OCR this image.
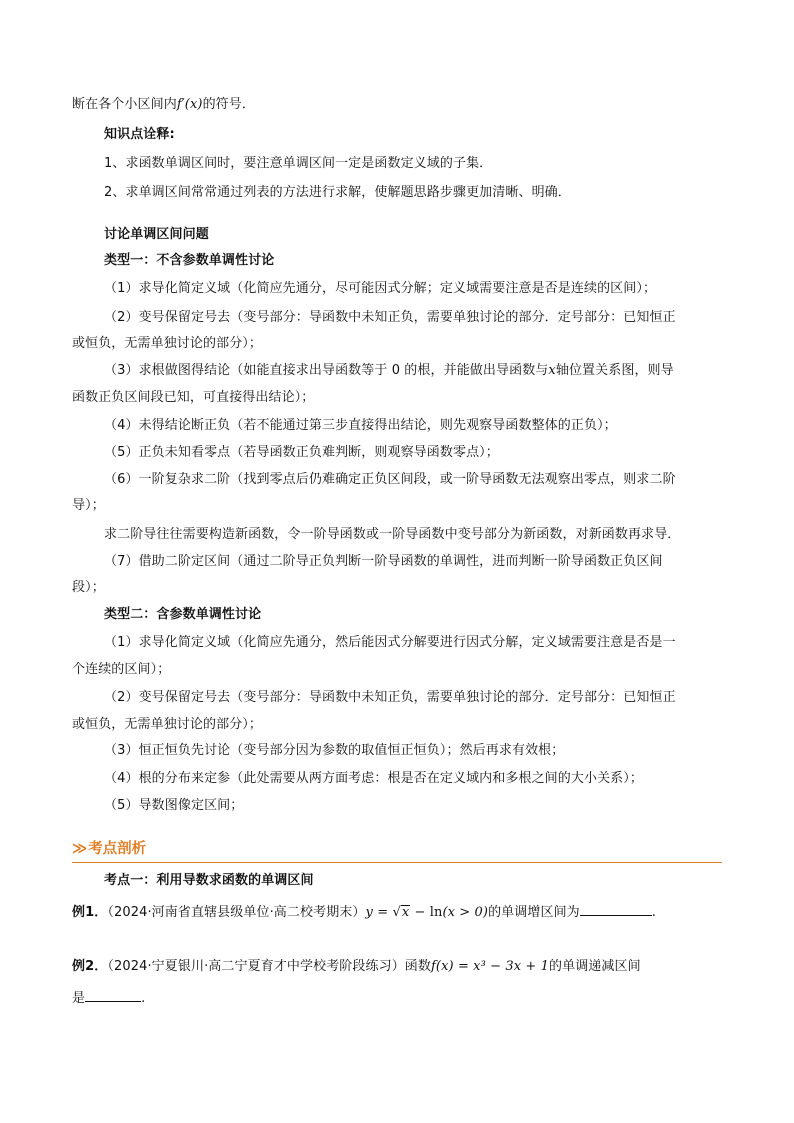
断在各个小区间内f′(x)的符号．
知识点诠释:
1、求函数单调区间时，要注意单调区间一定是函数定义域的子集．
2、求单调区间常常通过列表的方法进行求解，使解题思路步骤更加清晰、明确．
讨论单调区间问题
类型一：不含参数单调性讨论
（1）求导化简定义域（化简应先通分，尽可能因式分解；定义域需要注意是否是连续的区间）；
（2）变号保留定号去（变号部分：导函数中未知正负，需要单独讨论的部分．定号部分：已知恒正
或恒负，无需单独讨论的部分）；
（3）求根做图得结论（如能直接求出导函数等于 0 的根，并能做出导函数与x轴位置关系图，则导
函数正负区间段已知，可直接得出结论）；
（4）未得结论断正负（若不能通过第三步直接得出结论，则先观察导函数整体的正负）；
（5）正负未知看零点（若导函数正负难判断，则观察导函数零点）；
（6）一阶复杂求二阶（找到零点后仍难确定正负区间段，或一阶导函数无法观察出零点，则求二阶
导）；
求二阶导往往需要构造新函数，令一阶导函数或一阶导函数中变号部分为新函数，对新函数再求导．
（7）借助二阶定区间（通过二阶导正负判断一阶导函数的单调性，进而判断一阶导函数正负区间
段）；
类型二：含参数单调性讨论
（1）求导化简定义域（化简应先通分，然后能因式分解要进行因式分解，定义域需要注意是否是一
个连续的区间）；
（2）变号保留定号去（变号部分：导函数中未知正负，需要单独讨论的部分．定号部分：已知恒正
或恒负，无需单独讨论的部分）；
（3）恒正恒负先讨论（变号部分因为参数的取值恒正恒负）；然后再求有效根；
（4）根的分布来定参（此处需要从两方面考虑：根是否在定义域内和多根之间的大小关系）；
（5）导数图像定区间；
≫ 考点剖析
考点一：利用导数求函数的单调区间
例1．（2024·河南省直辖县级单位·高二校考期末）y = √x − ln(x > 0)的单调增区间为	.
例2．（2024·宁夏银川·高二宁夏育才中学校考阶段练习）函数f(x) = x³ − 3x + 1的单调递减区间
是	.
